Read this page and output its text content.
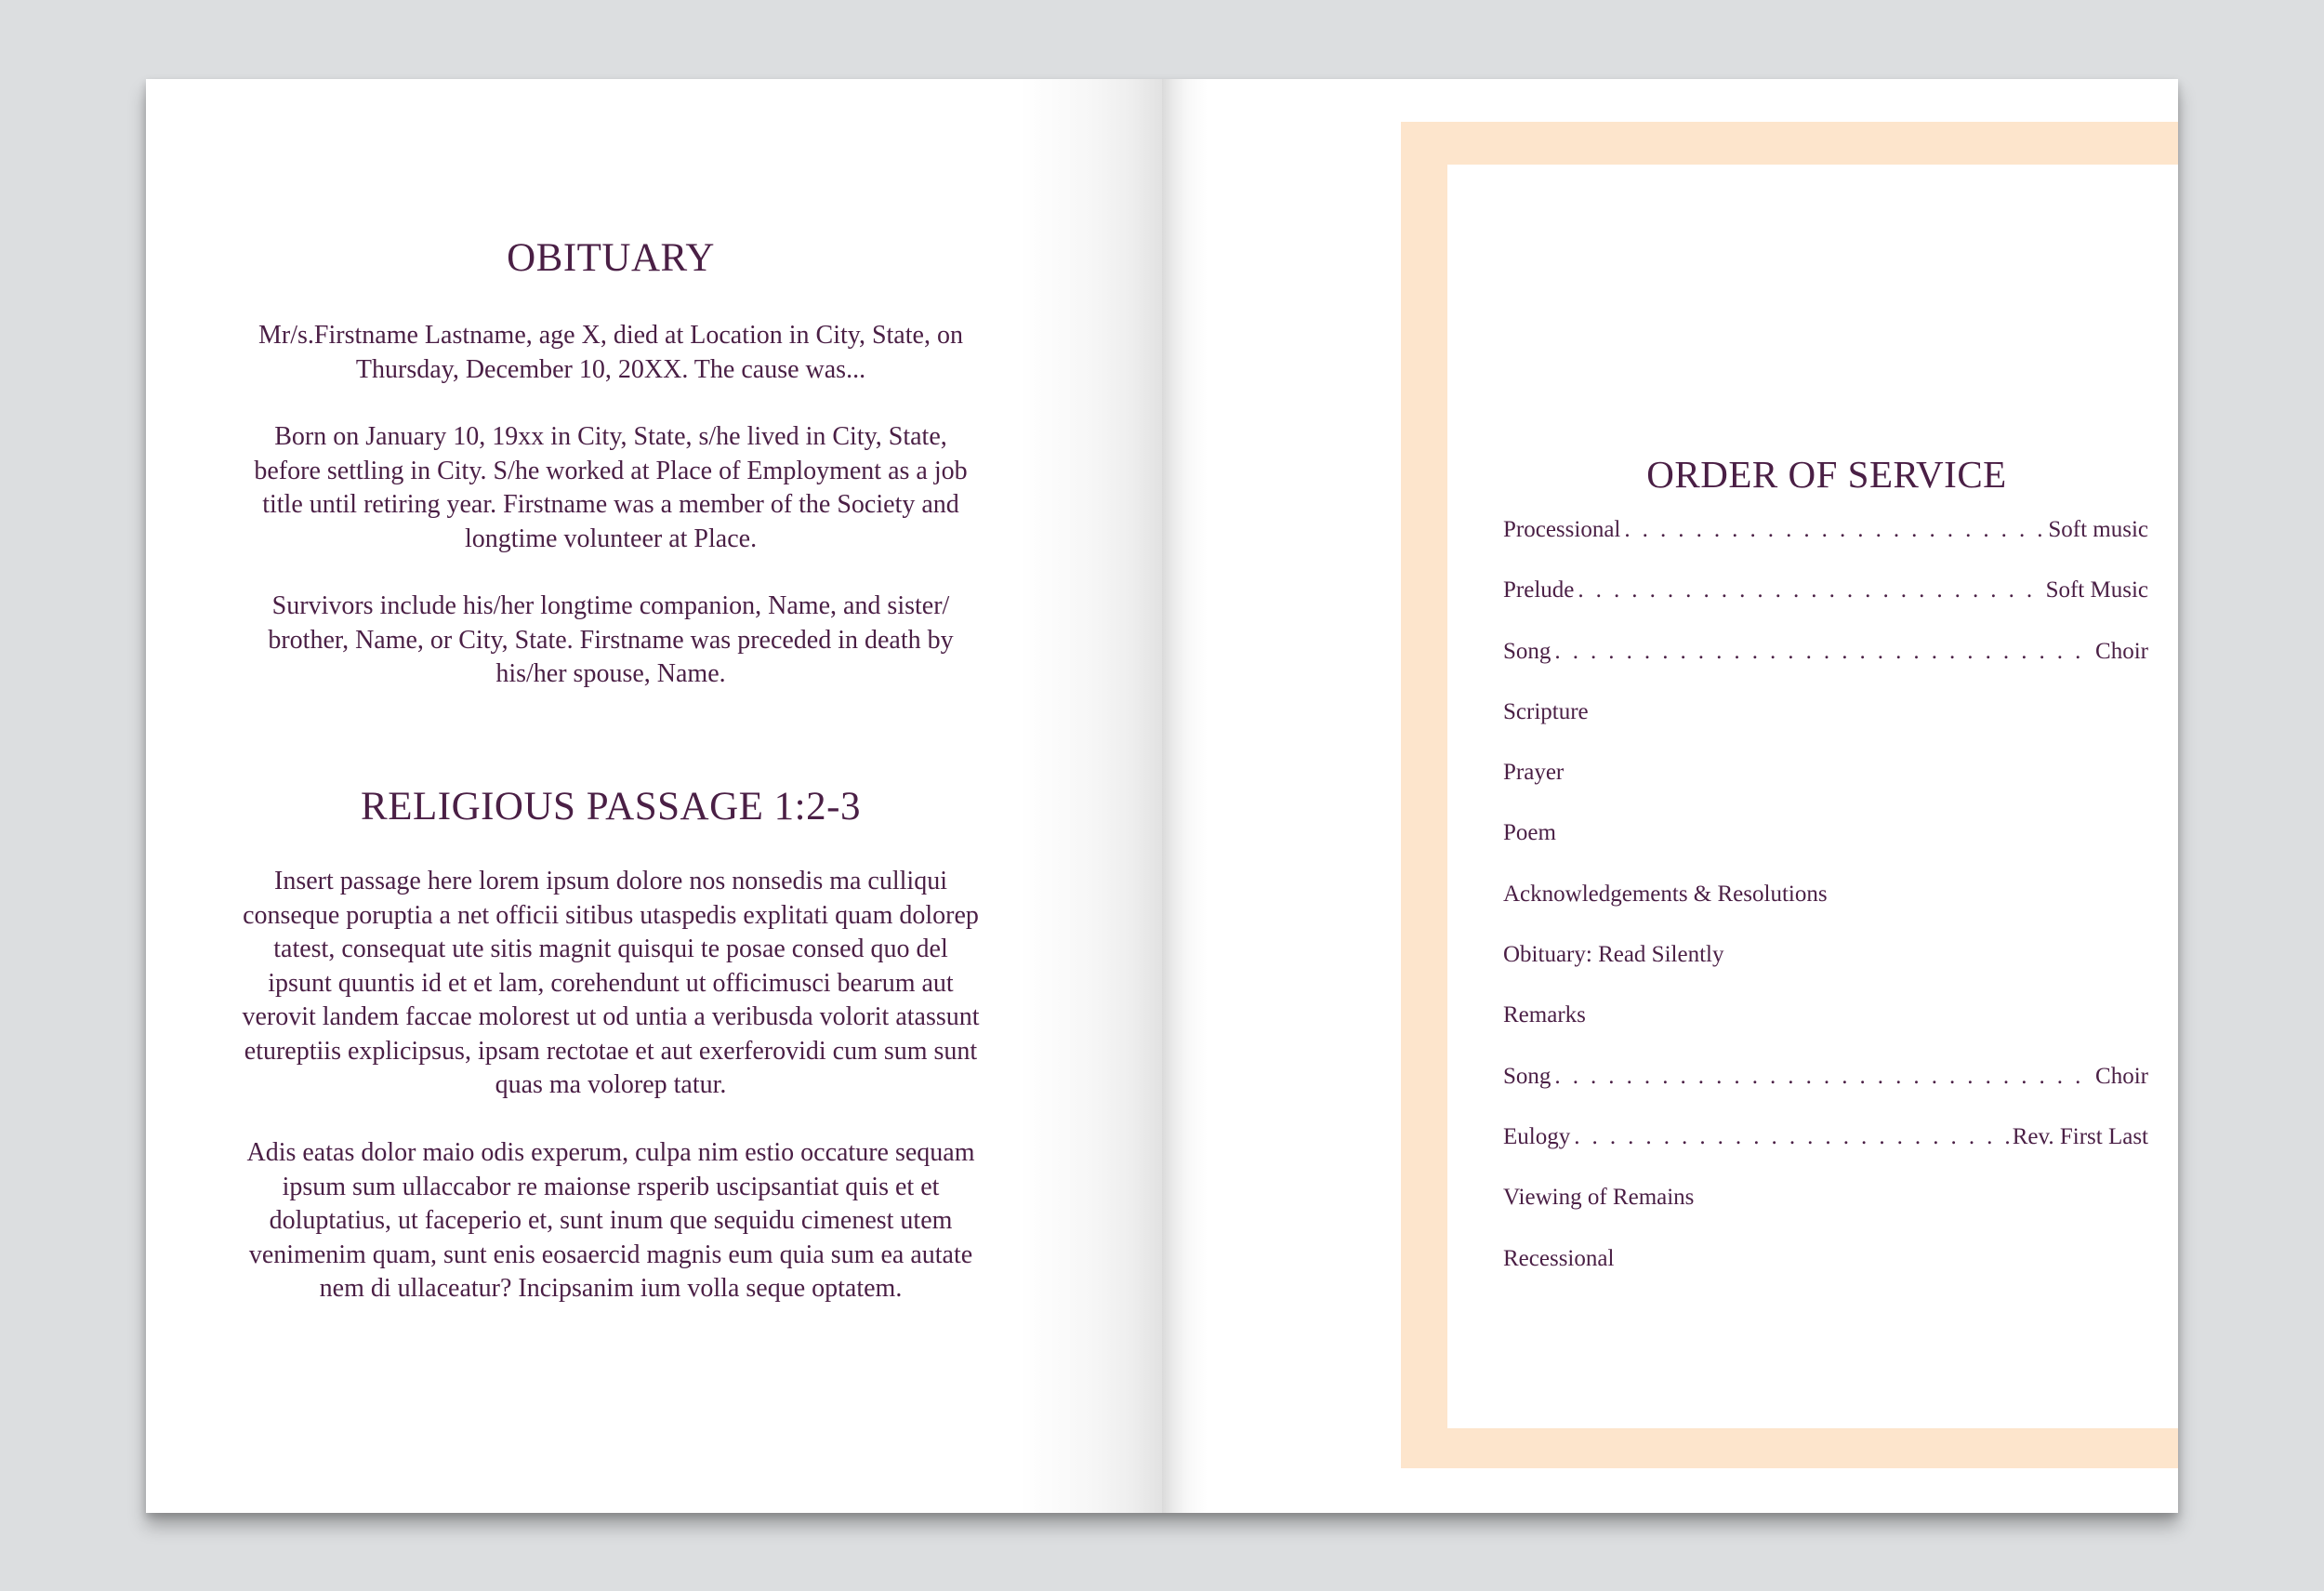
OBITUARY

Mr/s.Firstname Lastname, age X, died at Location in City, State, on Thursday, December 10, 20XX. The cause was...

Born on January 10, 19xx in City, State, s/he lived in City, State, before settling in City. S/he worked at Place of Employment as a job title until retiring year. Firstname was a member of the Society and longtime volunteer at Place.

Survivors include his/her longtime companion, Name, and sister/ brother, Name, or City, State. Firstname was preceded in death by his/her spouse, Name.

RELIGIOUS PASSAGE 1:2-3

Insert passage here lorem ipsum dolore nos nonsedis ma culliqui conseque poruptia a net officii sitibus utaspedis explitati quam dolorep tatest, consequat ute sitis magnit quisqui te posae consed quo del ipsunt quuntis id et et lam, corehendunt ut officimusci bearum aut verovit landem faccae molorest ut od untia a veribusda volorit atassunt etureptiis explicipsus, ipsam rectotae et aut exerferovidi cum sum sunt quas ma volorep tatur.

Adis eatas dolor maio odis experum, culpa nim estio occature sequam ipsum sum ullaccabor re maionse rsperib uscipsantiat quis et et doluptatius, ut faceperio et, sunt inum que sequidu cimenest utem venimenim quam, sunt enis eosaercid magnis eum quia sum ea autate nem di ullaceatur? Incipsanim ium volla seque optatem.

ORDER OF SERVICE
Processional . . .	Soft music
Prelude . . .	Soft Music
Song . . .	Choir
Scripture
Prayer
Poem
Acknowledgements & Resolutions
Obituary: Read Silently
Remarks
Song . . .	Choir
Eulogy . . .	Rev. First Last
Viewing of Remains
Recessional
